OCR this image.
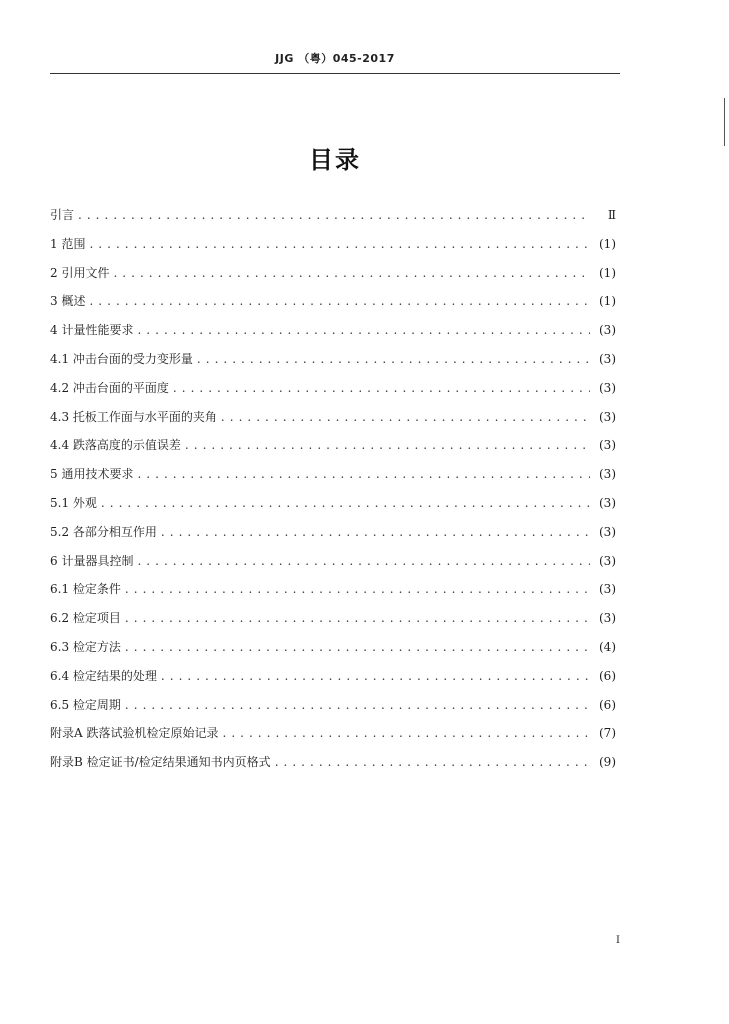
JJG （粤）045-2017
目录
引言 . . .	Ⅱ
1 范围 . . .	(1)
2 引用文件 . . .	(1)
3 概述 . . .	(1)
4 计量性能要求 . . .	(3)
4.1 冲击台面的受力变形量 . . .	(3)
4.2 冲击台面的平面度 . . .	(3)
4.3 托板工作面与水平面的夹角 . . .	(3)
4.4 跌落高度的示值误差 . . .	(3)
5 通用技术要求 . . .	(3)
5.1 外观 . . .	(3)
5.2 各部分相互作用 . . .	(3)
6 计量器具控制 . . .	(3)
6.1 检定条件 . . .	(3)
6.2 检定项目 . . .	(3)
6.3 检定方法 . . .	(4)
6.4 检定结果的处理 . . .	(6)
6.5 检定周期 . . .	(6)
附录A 跌落试验机检定原始记录 . . .	(7)
附录B 检定证书/检定结果通知书内页格式 . . .	(9)
I
